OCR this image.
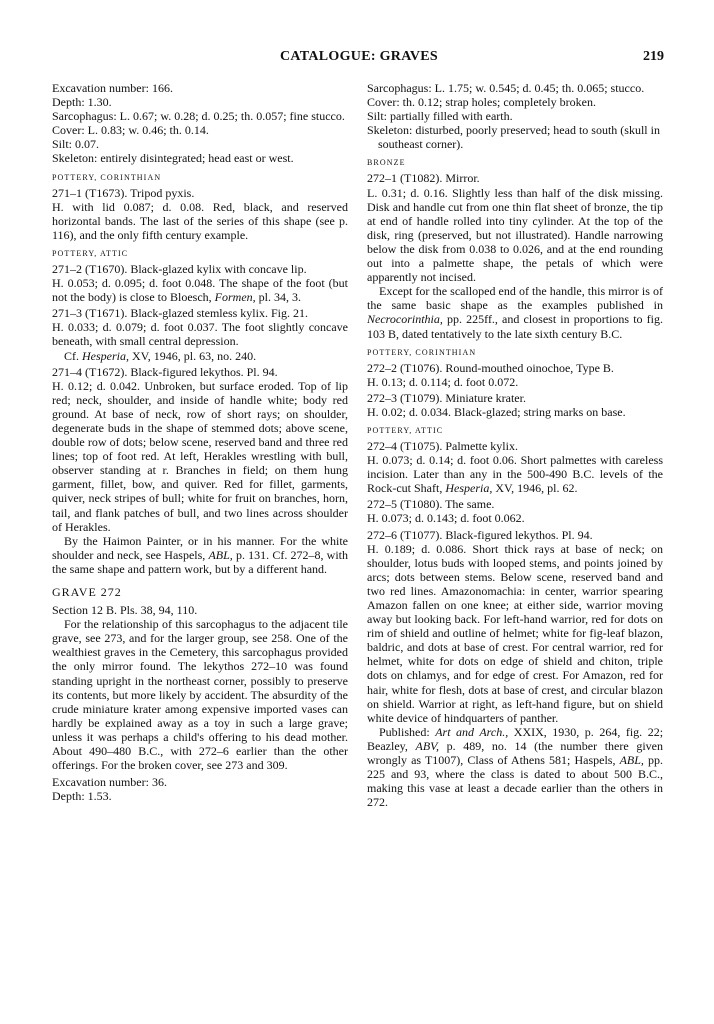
CATALOGUE: GRAVES	219

Excavation number: 166.

Depth: 1.30.

Sarcophagus: L. 0.67; w. 0.28; d. 0.25; th. 0.057; fine stucco.

Cover: L. 0.83; w. 0.46; th. 0.14.

Silt: 0.07.

Skeleton: entirely disintegrated; head east or west.

POTTERY, CORINTHIAN

271–1 (T1673). Tripod pyxis.

H. with lid 0.087; d. 0.08. Red, black, and reserved horizontal bands. The last of the series of this shape (see p. 116), and the only fifth century example.

POTTERY, ATTIC

271–2 (T1670). Black-glazed kylix with concave lip.

H. 0.053; d. 0.095; d. foot 0.048. The shape of the foot (but not the body) is close to Bloesch, Formen, pl. 34, 3.

271–3 (T1671). Black-glazed stemless kylix. Fig. 21.

H. 0.033; d. 0.079; d. foot 0.037. The foot slightly concave beneath, with small central depression.

Cf. Hesperia, XV, 1946, pl. 63, no. 240.

271–4 (T1672). Black-figured lekythos. Pl. 94.

H. 0.12; d. 0.042. Unbroken, but surface eroded. Top of lip red; neck, shoulder, and inside of handle white; body red ground. At base of neck, row of short rays; on shoulder, degenerate buds in the shape of stemmed dots; above scene, double row of dots; below scene, reserved band and three red lines; top of foot red. At left, Herakles wrestling with bull, observer standing at r. Branches in field; on them hung garment, fillet, bow, and quiver. Red for fillet, garments, quiver, neck stripes of bull; white for fruit on branches, horn, tail, and flank patches of bull, and two lines across shoulder of Herakles.

By the Haimon Painter, or in his manner. For the white shoulder and neck, see Haspels, ABL, p. 131. Cf. 272–8, with the same shape and pattern work, but by a different hand.

GRAVE 272

Section 12 B. Pls. 38, 94, 110.

For the relationship of this sarcophagus to the adjacent tile grave, see 273, and for the larger group, see 258. One of the wealthiest graves in the Cemetery, this sarcophagus provided the only mirror found. The lekythos 272–10 was found standing upright in the northeast corner, possibly to preserve its contents, but more likely by accident. The absurdity of the crude miniature krater among expensive imported vases can hardly be explained away as a toy in such a large grave; unless it was perhaps a child's offering to his dead mother. About 490–480 B.C., with 272–6 earlier than the other offerings. For the broken cover, see 273 and 309.

Excavation number: 36.

Depth: 1.53.

Sarcophagus: L. 1.75; w. 0.545; d. 0.45; th. 0.065; stucco.

Cover: th. 0.12; strap holes; completely broken.

Silt: partially filled with earth.

Skeleton: disturbed, poorly preserved; head to south (skull in southeast corner).

BRONZE

272–1 (T1082). Mirror.

L. 0.31; d. 0.16. Slightly less than half of the disk missing. Disk and handle cut from one thin flat sheet of bronze, the tip at end of handle rolled into tiny cylinder. At the top of the disk, ring (preserved, but not illustrated). Handle narrowing below the disk from 0.038 to 0.026, and at the end rounding out into a palmette shape, the petals of which were apparently not incised.

Except for the scalloped end of the handle, this mirror is of the same basic shape as the examples published in Necrocorinthia, pp. 225ff., and closest in proportions to fig. 103 B, dated tentatively to the late sixth century B.C.

POTTERY, CORINTHIAN

272–2 (T1076). Round-mouthed oinochoe, Type B.

H. 0.13; d. 0.114; d. foot 0.072.

272–3 (T1079). Miniature krater.

H. 0.02; d. 0.034. Black-glazed; string marks on base.

POTTERY, ATTIC

272–4 (T1075). Palmette kylix.

H. 0.073; d. 0.14; d. foot 0.06. Short palmettes with careless incision. Later than any in the 500-490 B.C. levels of the Rock-cut Shaft, Hesperia, XV, 1946, pl. 62.

272–5 (T1080). The same.

H. 0.073; d. 0.143; d. foot 0.062.

272–6 (T1077). Black-figured lekythos. Pl. 94.

H. 0.189; d. 0.086. Short thick rays at base of neck; on shoulder, lotus buds with looped stems, and points joined by arcs; dots between stems. Below scene, reserved band and two red lines. Amazonomachia: in center, warrior spearing Amazon fallen on one knee; at either side, warrior moving away but looking back. For left-hand warrior, red for dots on rim of shield and outline of helmet; white for fig-leaf blazon, baldric, and dots at base of crest. For central warrior, red for helmet, white for dots on edge of shield and chiton, triple dots on chlamys, and for edge of crest. For Amazon, red for hair, white for flesh, dots at base of crest, and circular blazon on shield. Warrior at right, as left-hand figure, but on shield white device of hindquarters of panther.

Published: Art and Arch., XXIX, 1930, p. 264, fig. 22; Beazley, ABV, p. 489, no. 14 (the number there given wrongly as T1007), Class of Athens 581; Haspels, ABL, pp. 225 and 93, where the class is dated to about 500 B.C., making this vase at least a decade earlier than the others in 272.
